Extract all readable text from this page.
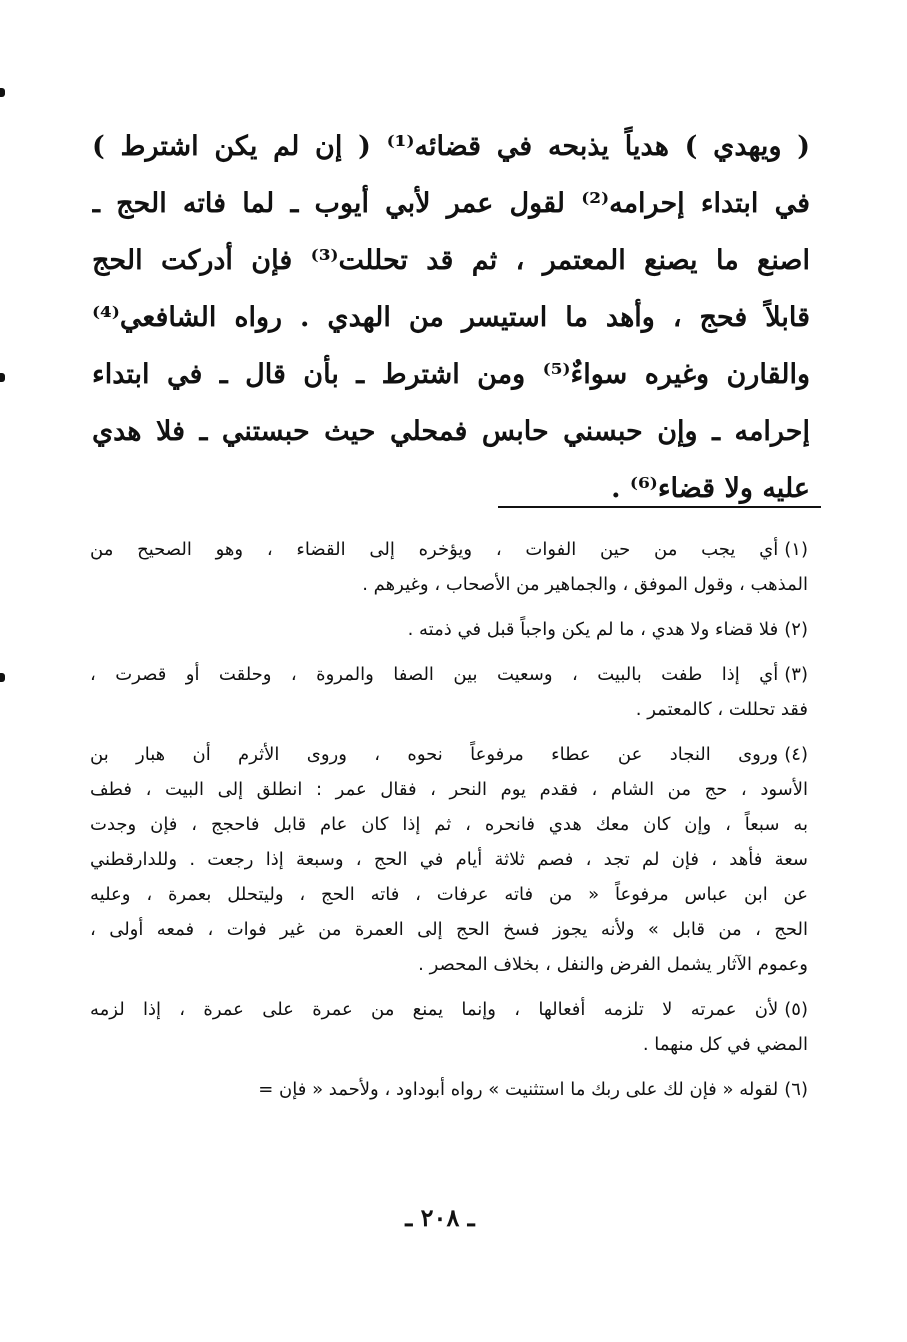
( ويهدي ) هدياً يذبحه في قضائه⁽¹⁾ ( إن لم يكن اشترط )
في ابتداء إحرامه⁽²⁾ لقول عمر لأبي أيوب ـ لما فاته الحج ـ
اصنع ما يصنع المعتمر ، ثم قد تحللت⁽³⁾ فإن أدركت الحج
قابلاً فحج ، وأهد ما استيسر من الهدي . رواه الشافعي⁽⁴⁾
والقارن وغيره سواءٌ⁽⁵⁾ ومن اشترط ـ بأن قال ـ في ابتداء
إحرامه ـ وإن حبسني حابس فمحلي حيث حبستني ـ فلا هدي
عليه ولا قضاء⁽⁶⁾ .
(١)أي يجب من حين الفوات ، ويؤخره إلى القضاء ، وهو الصحيح من
المذهب ، وقول الموفق ، والجماهير من الأصحاب ، وغيرهم .
(٢)فلا قضاء ولا هدي ، ما لم يكن واجباً قبل في ذمته .
(٣)أي إذا طفت بالبيت ، وسعيت بين الصفا والمروة ، وحلقت أو قصرت ،
فقد تحللت ، كالمعتمر .
(٤)وروى النجاد عن عطاء مرفوعاً نحوه ، وروى الأثرم أن هبار بن
الأسود ، حج من الشام ، فقدم يوم النحر ، فقال عمر : انطلق إلى البيت ، فطف
به سبعاً ، وإن كان معك هدي فانحره ، ثم إذا كان عام قابل فاحجج ، فإن وجدت
سعة فأهد ، فإن لم تجد ، فصم ثلاثة أيام في الحج ، وسبعة إذا رجعت . وللدارقطني
عن ابن عباس مرفوعاً « من فاته عرفات ، فاته الحج ، وليتحلل بعمرة ، وعليه
الحج ، من قابل » ولأنه يجوز فسخ الحج إلى العمرة من غير فوات ، فمعه أولى ،
وعموم الآثار يشمل الفرض والنفل ، بخلاف المحصر .
(٥)لأن عمرته لا تلزمه أفعالها ، وإنما يمنع من عمرة على عمرة ، إذا لزمه
المضي في كل منهما .
(٦)لقوله « فإن لك على ربك ما استثنيت » رواه أبوداود ، ولأحمد « فإن =
ـ ٢٠٨ ـ
